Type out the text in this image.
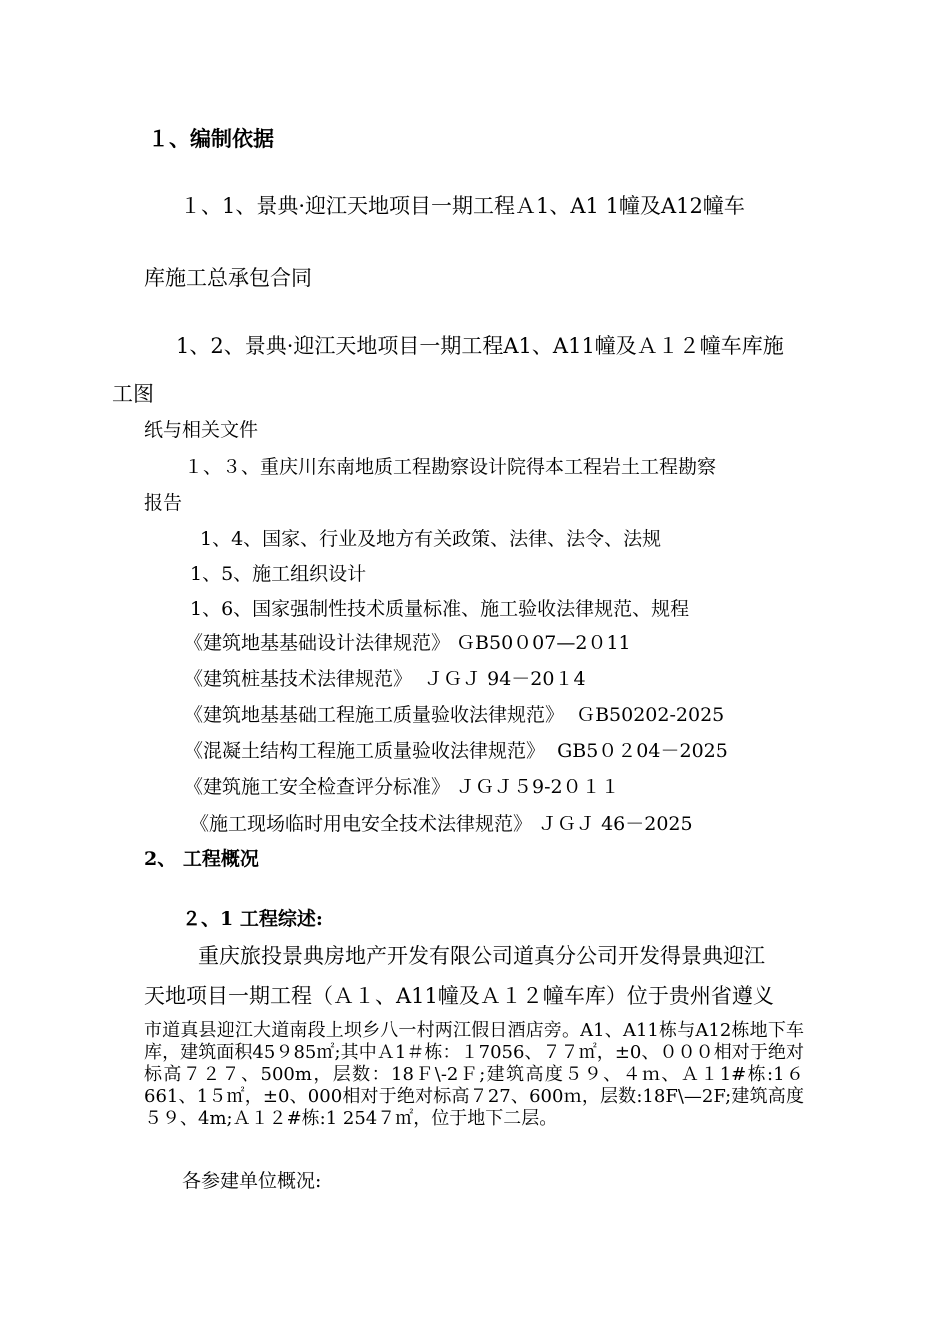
１、编制依据
１、1、景典·迎江天地项目一期工程Ａ1、A1 1幢及A12幢车
库施工总承包合同
1、2、景典·迎江天地项目一期工程A1、A11幢及Ａ１２幢车库施
工图
纸与相关文件
１、３、重庆川东南地质工程勘察设计院得本工程岩土工程勘察
报告
1、4、国家、行业及地方有关政策、法律、法令、法规
1、5、施工组织设计
1、6、国家强制性技术质量标准、施工验收法律规范、规程
《建筑地基基础设计法律规范》 ＧB50０07—2０11
《建筑桩基技术法律规范》  ＪＧＪ 94－20１4
《建筑地基基础工程施工质量验收法律规范》  ＧB50202-2025
《混凝土结构工程施工质量验收法律规范》  GB5０２04－2025
《建筑施工安全检查评分标准》 ＪＧＪ５9-2０１１
《施工现场临时用电安全技术法律规范》 ＪＧＪ 46－2025
2、 工程概况
２、1 工程综述:
重庆旅投景典房地产开发有限公司道真分公司开发得景典迎江
天地项目一期工程（Ａ１、A11幢及Ａ１２幢车库）位于贵州省遵义
市道真县迎江大道南段上坝乡八一村两江假日酒店旁。A1、A11栋与A12栋地下车库，建筑面积45９85㎡;其中Ａ1＃栋：１7056、７７㎡，±0、０００相对于绝对标高７２７、500m，层数：18Ｆ\-2Ｆ;建筑高度５９、４ｍ、Ａ１1#栋:1６661、1５㎡，±0、000相对于绝对标高７27、600ｍ，层数:18F\—2F;建筑高度５９、4m;Ａ１２#栋:1 254７㎡，位于地下二层。
各参建单位概况:
